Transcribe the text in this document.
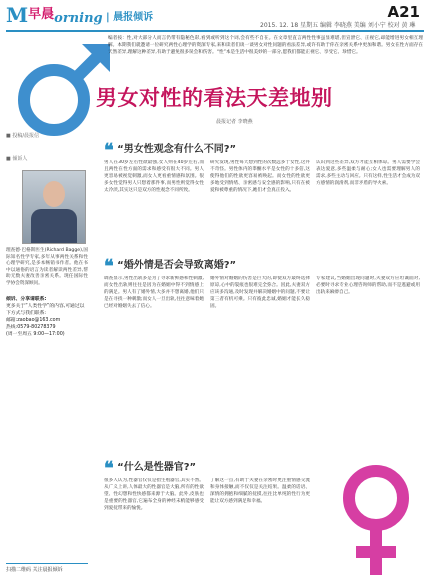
$M^{早晨}orning$ | 晨报倾诉	A21
2015. 12. 18 星期五 编辑 李晓燕 美编 刘小宁 校对 黄 琳
编者按：性,对大部分人而言仍带有隐秘色彩,看到或听到这个词,会有些不自在。在文章里直言两性性事虽显难堪,但宣泄它、正视它,却能增进男女相互理解。本期我们就邀请一位研究两性心理学的资深专家,来和读者们谈一谈男女对性问题的看法差异,或许有助于你在亲密关系中更加和谐。男女在性方面存在天然差异,理解这种差异,有助于避免很多误会和伤害。“性”本是生活中很美妙的一部分,愿我们都能正视它、享受它、珍惜它。
男女对性的看法天差地别
晨报记者 李晓燕
■ 投稿/晨报信
■ 倾诉人
理查德·巴格斯医生(Richard Bagge),国际知名性学专家,多年从事两性关系和性心理学研究,是多本畅销书作者。他在书中以通俗的语言为读者解读两性差异,帮助无数夫妻改善亲密关系。现任国际性学协会资深顾问。
倾诉、分享请联系:
更多关于“人类性学”的内容,可通过以下方式与我们联系:
邮箱:zaobao@163.com
热线:0579-80278379
(周一至周五 9:00—17:00)
扫描二维码 关注晨报倾诉
❝ “男女性观念有什么不同?”
男人在30岁左右性欲最强,女人则在40岁左右,而且两性在性方面的需求和感受有很大不同。男人更容易被视觉刺激,而女人更看重情感和氛围。很多女性觉得男人只想着那件事,而男性则觉得女性太冷淡,其实这只是双方的性观念不同所致。
研究发现,男性每天想到性的次数远多于女性,这并不奇怪。男性体内的睾酮水平是女性的十多倍,这使得他们的性欲更容易被唤起。而女性的性欲更多地受到情绪、亲密感与安全感的影响,只有在被爱和被尊重的情况下,她们才会真正投入。
认识到这些差异,双方才能互相体谅。男人需要学会表达爱意,多些温柔与耐心;女人也需要理解男人的需求,多些主动与回应。只有这样,性生活才会成为双方感情的润滑剂,而非矛盾的导火索。
❝ “婚外情是否会导致离婚?”
调查显示,男性出轨多是为了寻求新鲜感和性刺激,而女性出轨则往往是因为在婚姻中得不到情感上的满足。男人有了婚外情,大多并不想离婚,他们只是在寻找一种刺激;而女人一旦出轨,往往意味着她已经对婚姻失去了信心。
婚外情对婚姻的伤害是巨大的,即使双方最终选择原谅,心中的裂痕也很难完全弥合。因此,夫妻双方应该多沟通,及时发现并解决婚姻中的问题,不要让第三者有机可乘。只有彼此忠诚,婚姻才能长久稳固。
专家建议,当婚姻出现问题时,夫妻双方应坦诚面对,必要时寻求专业心理咨询师的帮助,而不是逃避或用出轨来麻痹自己。
❝ “什么是性器官?”
很多人认为,性器官仅仅是指生殖器官,其实不然。从广义上讲,人体最大的性器官是大脑,所有的性欲望、性幻想和性快感都来源于大脑。此外,皮肤也是重要的性器官,它遍布全身的神经末梢能够感受到爱抚带来的愉悦。
了解这一点,有助于夫妻在亲密时更注重情感交流和身体接触,而不仅仅是关注结果。温柔的话语、深情的拥抱和细腻的抚摸,往往比单纯的性行为更能让双方感到满足和幸福。
